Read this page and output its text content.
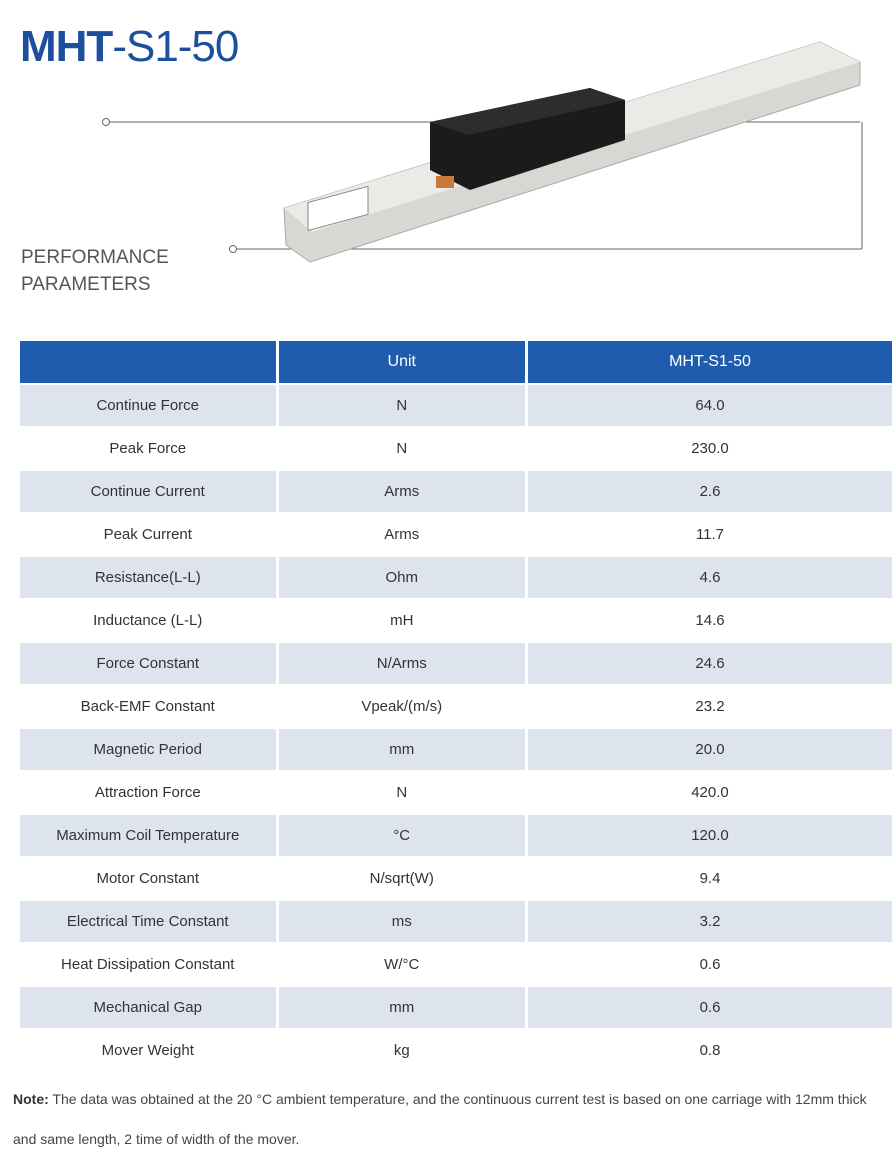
MHT-S1-50
PERFORMANCE
PARAMETERS
	Unit	MHT-S1-50
Continue Force	N	64.0
Peak Force	N	230.0
Continue Current	Arms	2.6
Peak Current	Arms	11.7
Resistance(L-L)	Ohm	4.6
Inductance (L-L)	mH	14.6
Force Constant	N/Arms	24.6
Back-EMF Constant	Vpeak/(m/s)	23.2
Magnetic Period	mm	20.0
Attraction Force	N	420.0
Maximum Coil Temperature	°C	120.0
Motor Constant	N/sqrt(W)	9.4
Electrical Time Constant	ms	3.2
Heat Dissipation Constant	W/°C	0.6
Mechanical Gap	mm	0.6
Mover Weight	kg	0.8
Note: The data was obtained at the 20 °C ambient temperature, and the continuous current test is based on one carriage with 12mm thick and same length, 2 time of width of the mover.
